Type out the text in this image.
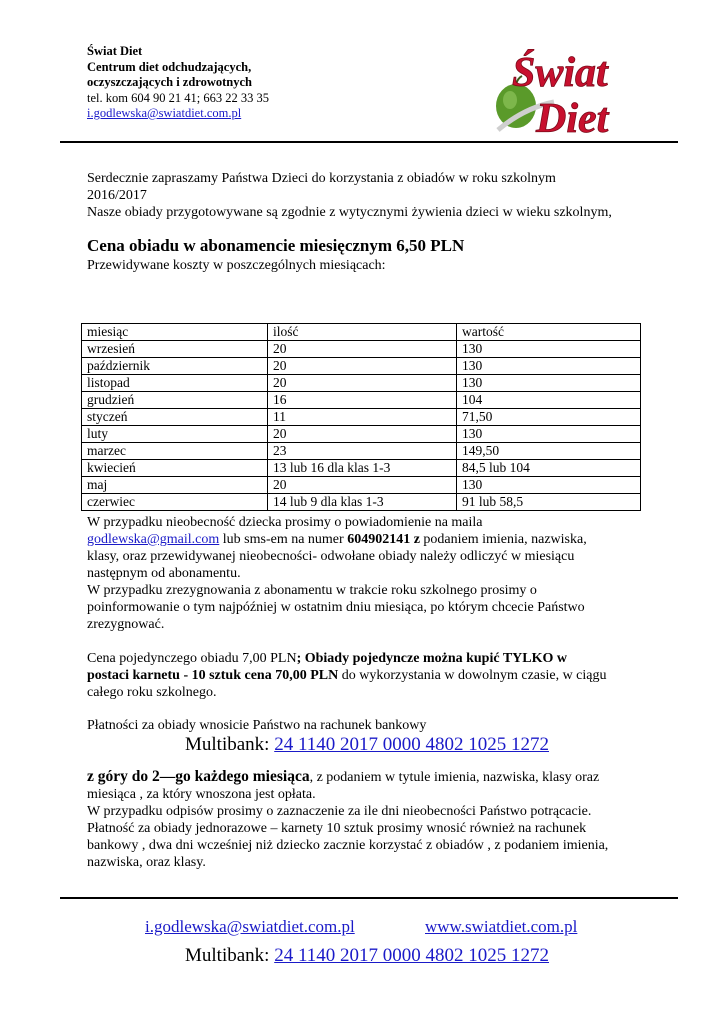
Świat Diet
Centrum diet odchudzających,
oczyszczających i zdrowotnych
tel. kom 604 90 21 41; 663 22 33 35
i.godlewska@swiatdiet.com.pl
Świat
Diet
Serdecznie zapraszamy Państwa Dzieci do korzystania z obiadów w roku szkolnym
2016/2017
Nasze obiady przygotowywane są zgodnie z wytycznymi żywienia dzieci w wieku szkolnym,
Cena obiadu w abonamencie miesięcznym 6,50 PLN
Przewidywane koszty w poszczególnych miesiącach:
miesiąc	ilość	wartość
wrzesień	20	130
październik	20	130
listopad	20	130
grudzień	16	104
styczeń	11	71,50
luty	20	130
marzec	23	149,50
kwiecień	13 lub 16 dla klas 1-3	84,5 lub 104
maj	20	130
czerwiec	14 lub 9 dla klas 1-3	91 lub 58,5
W przypadku nieobecność dziecka prosimy o powiadomienie na maila
godlewska@gmail.com lub sms-em na numer 604902141 z podaniem imienia, nazwiska,
klasy, oraz przewidywanej nieobecności- odwołane obiady należy odliczyć w miesiącu
następnym od abonamentu.
W przypadku zrezygnowania z abonamentu w trakcie roku szkolnego prosimy o
poinformowanie o tym najpóźniej w ostatnim dniu miesiąca, po którym chcecie Państwo
zrezygnować.
Cena pojedynczego obiadu 7,00 PLN; Obiady pojedyncze można kupić TYLKO w
postaci karnetu - 10 sztuk cena 70,00 PLN do wykorzystania w dowolnym czasie, w ciągu
całego roku szkolnego.
Płatności za obiady wnosicie Państwo na rachunek bankowy
Multibank: 24 1140 2017 0000 4802 1025 1272
z góry do 2—go każdego miesiąca, z podaniem w tytule imienia, nazwiska, klasy oraz
miesiąca , za który wnoszona jest opłata.
W przypadku odpisów prosimy o zaznaczenie za ile dni nieobecności Państwo potrącacie.
Płatność za obiady jednorazowe – karnety 10 sztuk prosimy wnosić również na rachunek
bankowy , dwa dni wcześniej niż dziecko zacznie korzystać z obiadów , z podaniem imienia,
nazwiska, oraz klasy.
i.godlewska@swiatdiet.com.pl	www.swiatdiet.com.pl
Multibank: 24 1140 2017 0000 4802 1025 1272
